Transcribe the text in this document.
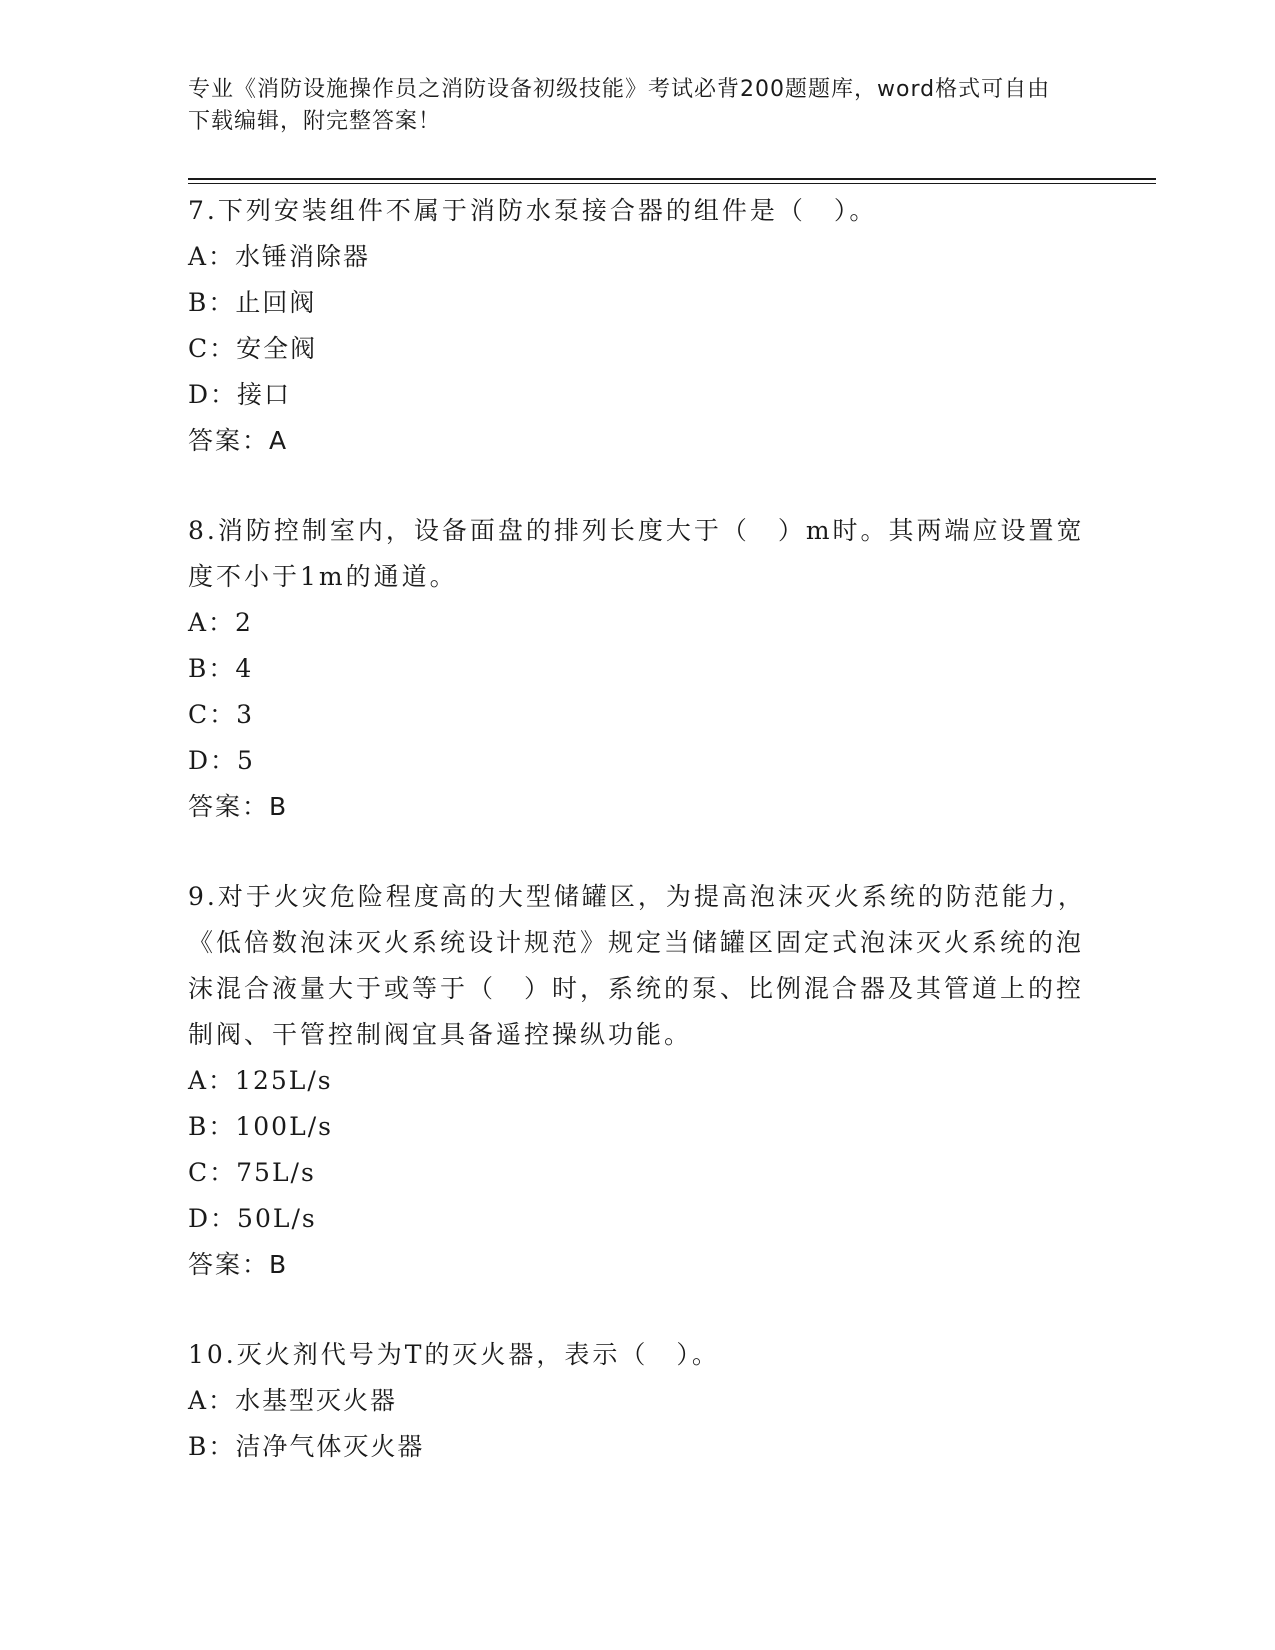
专业《消防设施操作员之消防设备初级技能》考试必背200题题库，word格式可自由下载编辑，附完整答案！

7.下列安装组件不属于消防水泵接合器的组件是（　）。

A：水锤消除器

B：止回阀

C：安全阀

D：接口

答案：A

8.消防控制室内，设备面盘的排列长度大于（　）m时。其两端应设置宽度不小于1m的通道。

A：2

B：4

C：3

D：5

答案：B

9.对于火灾危险程度高的大型储罐区，为提高泡沫灭火系统的防范能力，《低倍数泡沫灭火系统设计规范》规定当储罐区固定式泡沫灭火系统的泡沫混合液量大于或等于（　）时，系统的泵、比例混合器及其管道上的控制阀、干管控制阀宜具备遥控操纵功能。

A：125L/s

B：100L/s

C：75L/s

D：50L/s

答案：B

10.灭火剂代号为T的灭火器，表示（　）。

A：水基型灭火器

B：洁净气体灭火器
